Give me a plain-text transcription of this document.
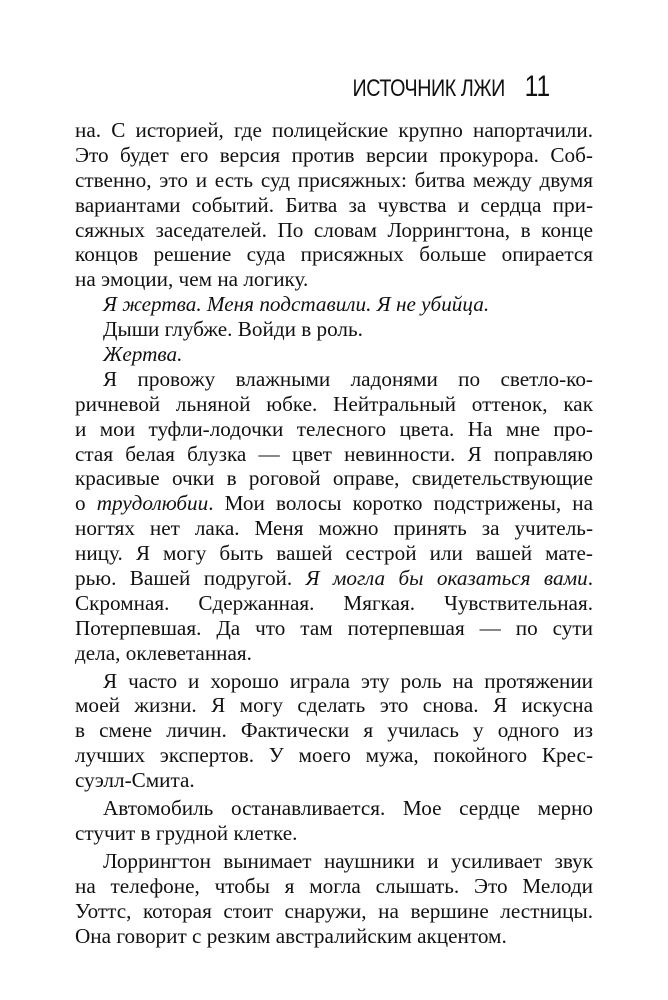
ИСТОЧНИК ЛЖИ 11
на. С историей, где полицейские крупно напортачили.
Это будет его версия против версии прокурора. Соб-
ственно, это и есть суд присяжных: битва между двумя
вариантами событий. Битва за чувства и сердца при-
сяжных заседателей. По словам Лоррингтона, в конце
концов решение суда присяжных больше опирается
на эмоции, чем на логику.
Я жертва. Меня подставили. Я не убийца.
Дыши глубже. Войди в роль.
Жертва.
Я провожу влажными ладонями по светло-ко-
ричневой льняной юбке. Нейтральный оттенок, как
и мои туфли-лодочки телесного цвета. На мне про-
стая белая блузка — цвет невинности. Я поправляю
красивые очки в роговой оправе, свидетельствующие
о трудолюбии. Мои волосы коротко подстрижены, на
ногтях нет лака. Меня можно принять за учитель-
ницу. Я могу быть вашей сестрой или вашей мате-
рью. Вашей подругой. Я могла бы оказаться вами.
Скромная. Сдержанная. Мягкая. Чувствительная.
Потерпевшая. Да что там потерпевшая — по сути
дела, оклеветанная.
Я часто и хорошо играла эту роль на протяжении
моей жизни. Я могу сделать это снова. Я искусна
в смене личин. Фактически я училась у одного из
лучших экспертов. У моего мужа, покойного Крес-
суэлл-Смита.
Автомобиль останавливается. Мое сердце мерно
стучит в грудной клетке.
Лоррингтон вынимает наушники и усиливает звук
на телефоне, чтобы я могла слышать. Это Мелоди
Уоттс, которая стоит снаружи, на вершине лестницы.
Она говорит с резким австралийским акцентом.
